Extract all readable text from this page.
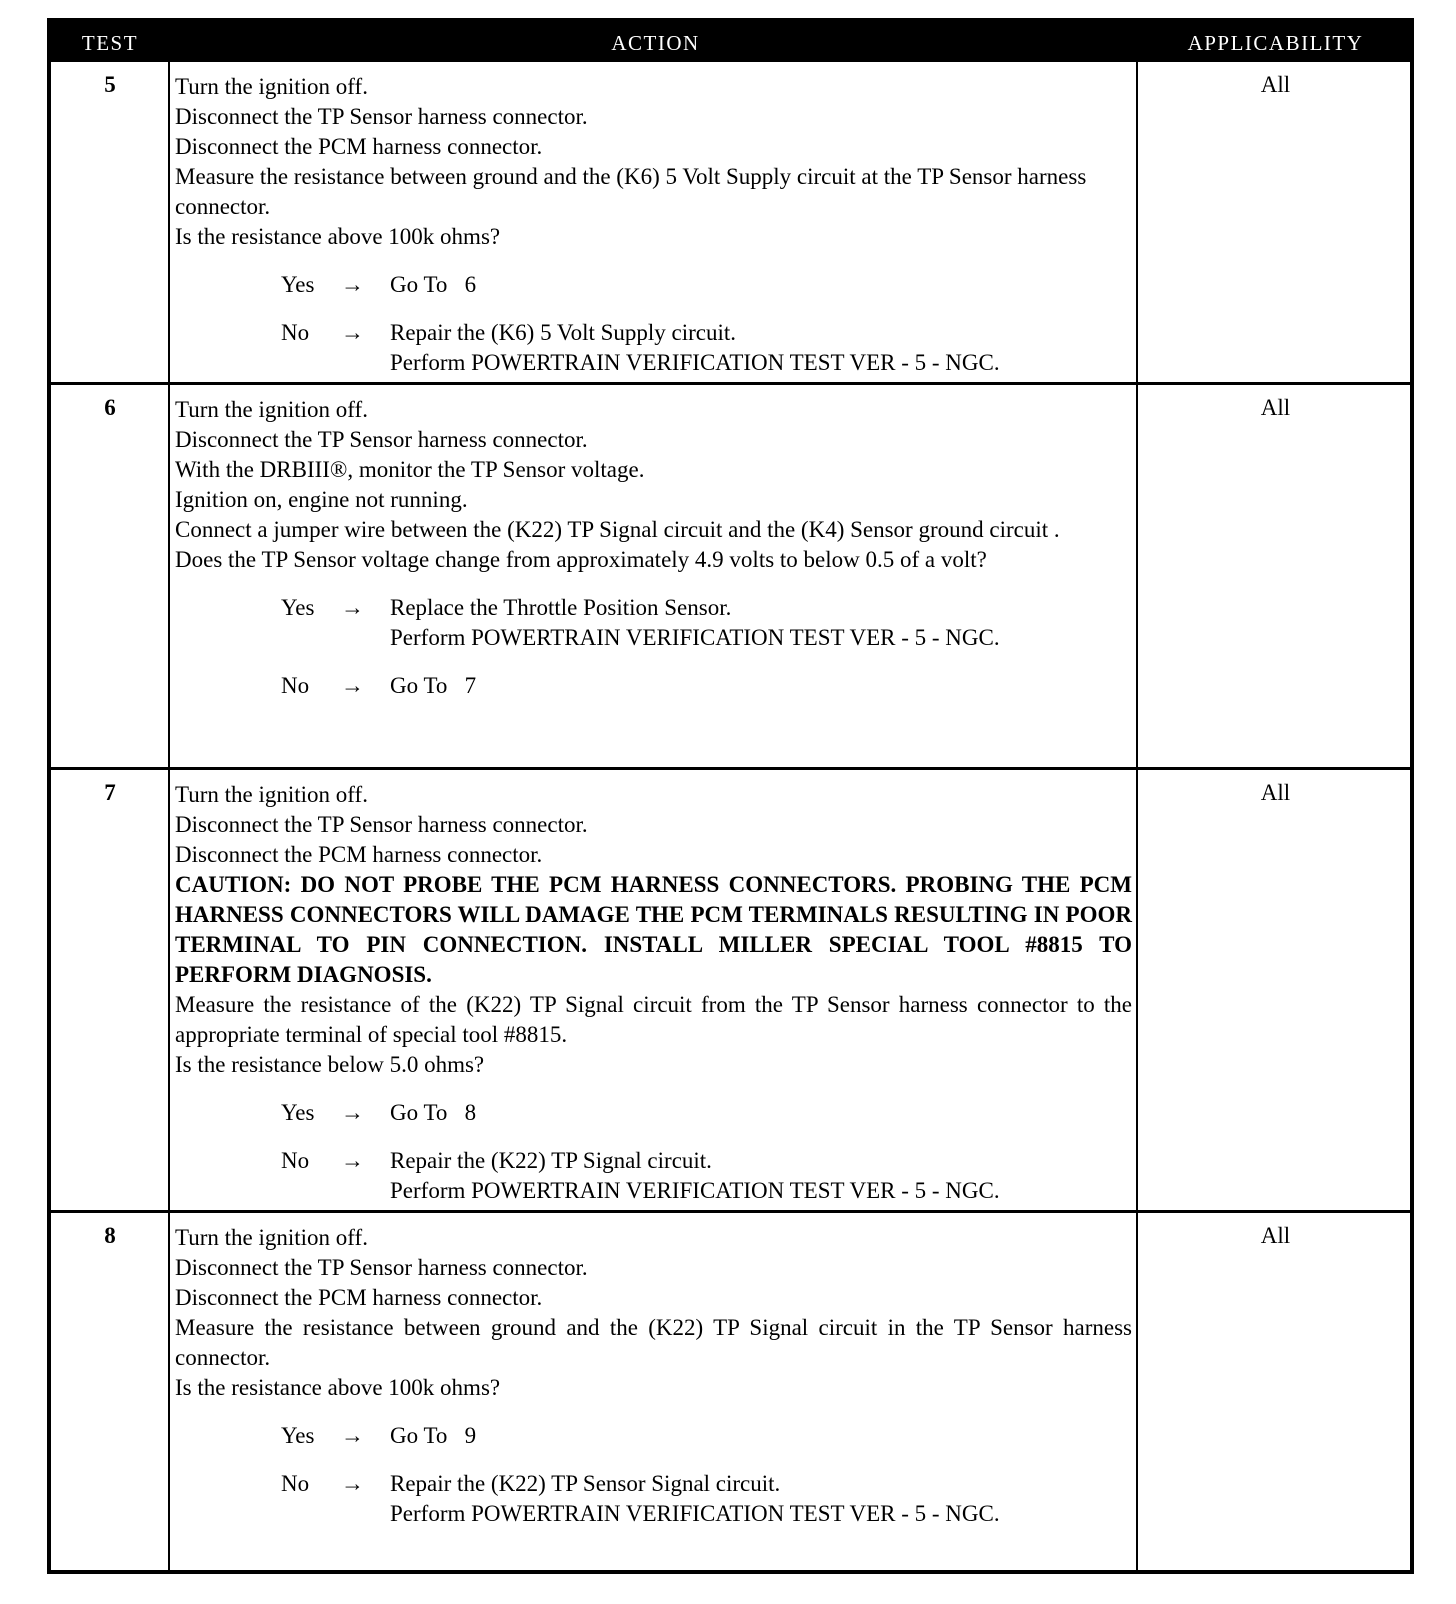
TEST	ACTION	APPLICABILITY
5	Turn the ignition off.
Disconnect the TP Sensor harness connector.
Disconnect the PCM harness connector.
Measure the resistance between ground and the (K6) 5 Volt Supply circuit at the TP Sensor harness connector.
Is the resistance above 100k ohms?
Yes → Go To   6
No → Repair the (K6) 5 Volt Supply circuit.
Perform POWERTRAIN VERIFICATION TEST VER - 5 - NGC.
All
6	Turn the ignition off.
Disconnect the TP Sensor harness connector.
With the DRBIII®, monitor the TP Sensor voltage.
Ignition on, engine not running.
Connect a jumper wire between the (K22) TP Signal circuit and the (K4) Sensor ground circuit .
Does the TP Sensor voltage change from approximately 4.9 volts to below 0.5 of a volt?
Yes → Replace the Throttle Position Sensor.
Perform POWERTRAIN VERIFICATION TEST VER - 5 - NGC.
No → Go To   7
All
7	Turn the ignition off.
Disconnect the TP Sensor harness connector.
Disconnect the PCM harness connector.
CAUTION: DO NOT PROBE THE PCM HARNESS CONNECTORS. PROBING THE PCM HARNESS CONNECTORS WILL DAMAGE THE PCM TERMINALS RESULTING IN POOR TERMINAL TO PIN CONNECTION. INSTALL MILLER SPECIAL TOOL #8815 TO PERFORM DIAGNOSIS.
Measure the resistance of the (K22) TP Signal circuit from the TP Sensor harness connector to the appropriate terminal of special tool #8815.
Is the resistance below 5.0 ohms?
Yes → Go To   8
No → Repair the (K22) TP Signal circuit.
Perform POWERTRAIN VERIFICATION TEST VER - 5 - NGC.
All
8	Turn the ignition off.
Disconnect the TP Sensor harness connector.
Disconnect the PCM harness connector.
Measure the resistance between ground and the (K22) TP Signal circuit in the TP Sensor harness connector.
Is the resistance above 100k ohms?
Yes → Go To   9
No → Repair the (K22) TP Sensor Signal circuit.
Perform POWERTRAIN VERIFICATION TEST VER - 5 - NGC.
All
